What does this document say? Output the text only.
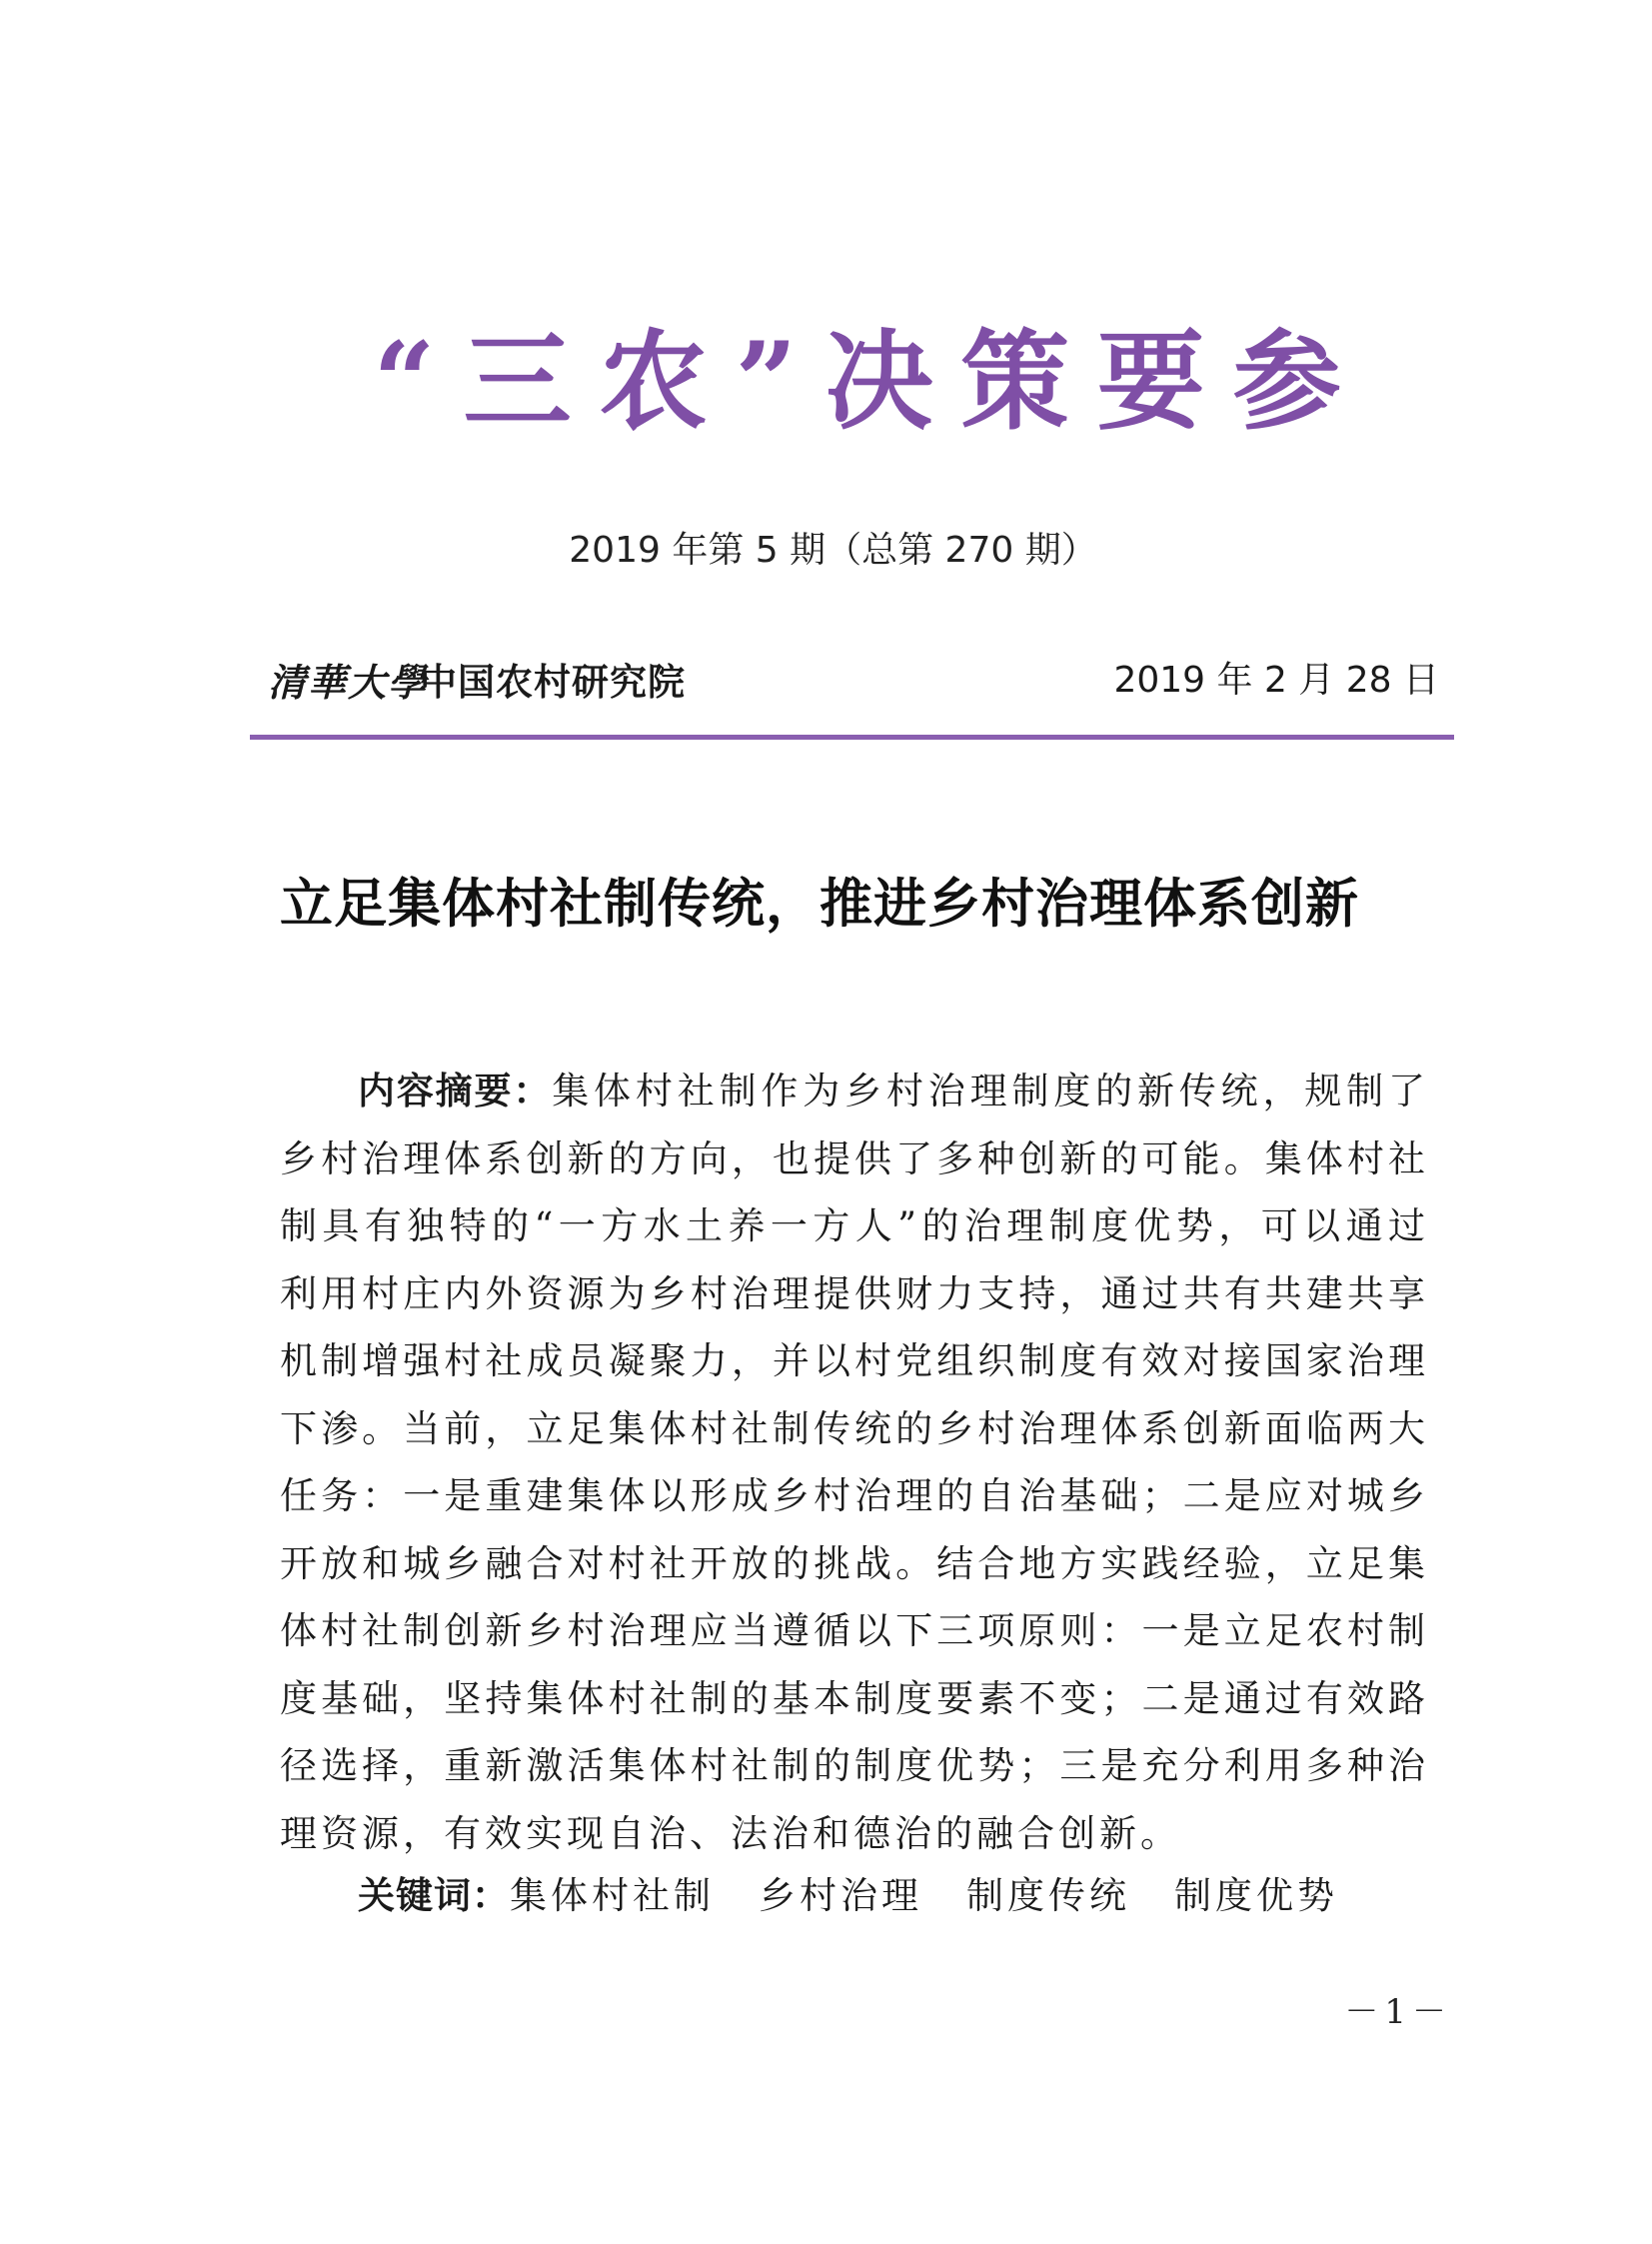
“三农”决策要参
2019 年第 5 期（总第 270 期）
清華大學
中国农村研究院	2019 年 2 月 28 日
立足集体村社制传统，推进乡村治理体系创新
内容摘要：集体村社制作为乡村治理制度的新传统，规制了乡村治理体系创新的方向，也提供了多种创新的可能。集体村社制具有独特的“一方水土养一方人”的治理制度优势，可以通过利用村庄内外资源为乡村治理提供财力支持，通过共有共建共享机制增强村社成员凝聚力，并以村党组织制度有效对接国家治理下渗。当前，立足集体村社制传统的乡村治理体系创新面临两大任务：一是重建集体以形成乡村治理的自治基础；二是应对城乡开放和城乡融合对村社开放的挑战。结合地方实践经验，立足集体村社制创新乡村治理应当遵循以下三项原则：一是立足农村制度基础，坚持集体村社制的基本制度要素不变；二是通过有效路径选择，重新激活集体村社制的制度优势；三是充分利用多种治理资源，有效实现自治、法治和德治的融合创新。
关键词：集体村社制 乡村治理 制度传统 制度优势
－1－
